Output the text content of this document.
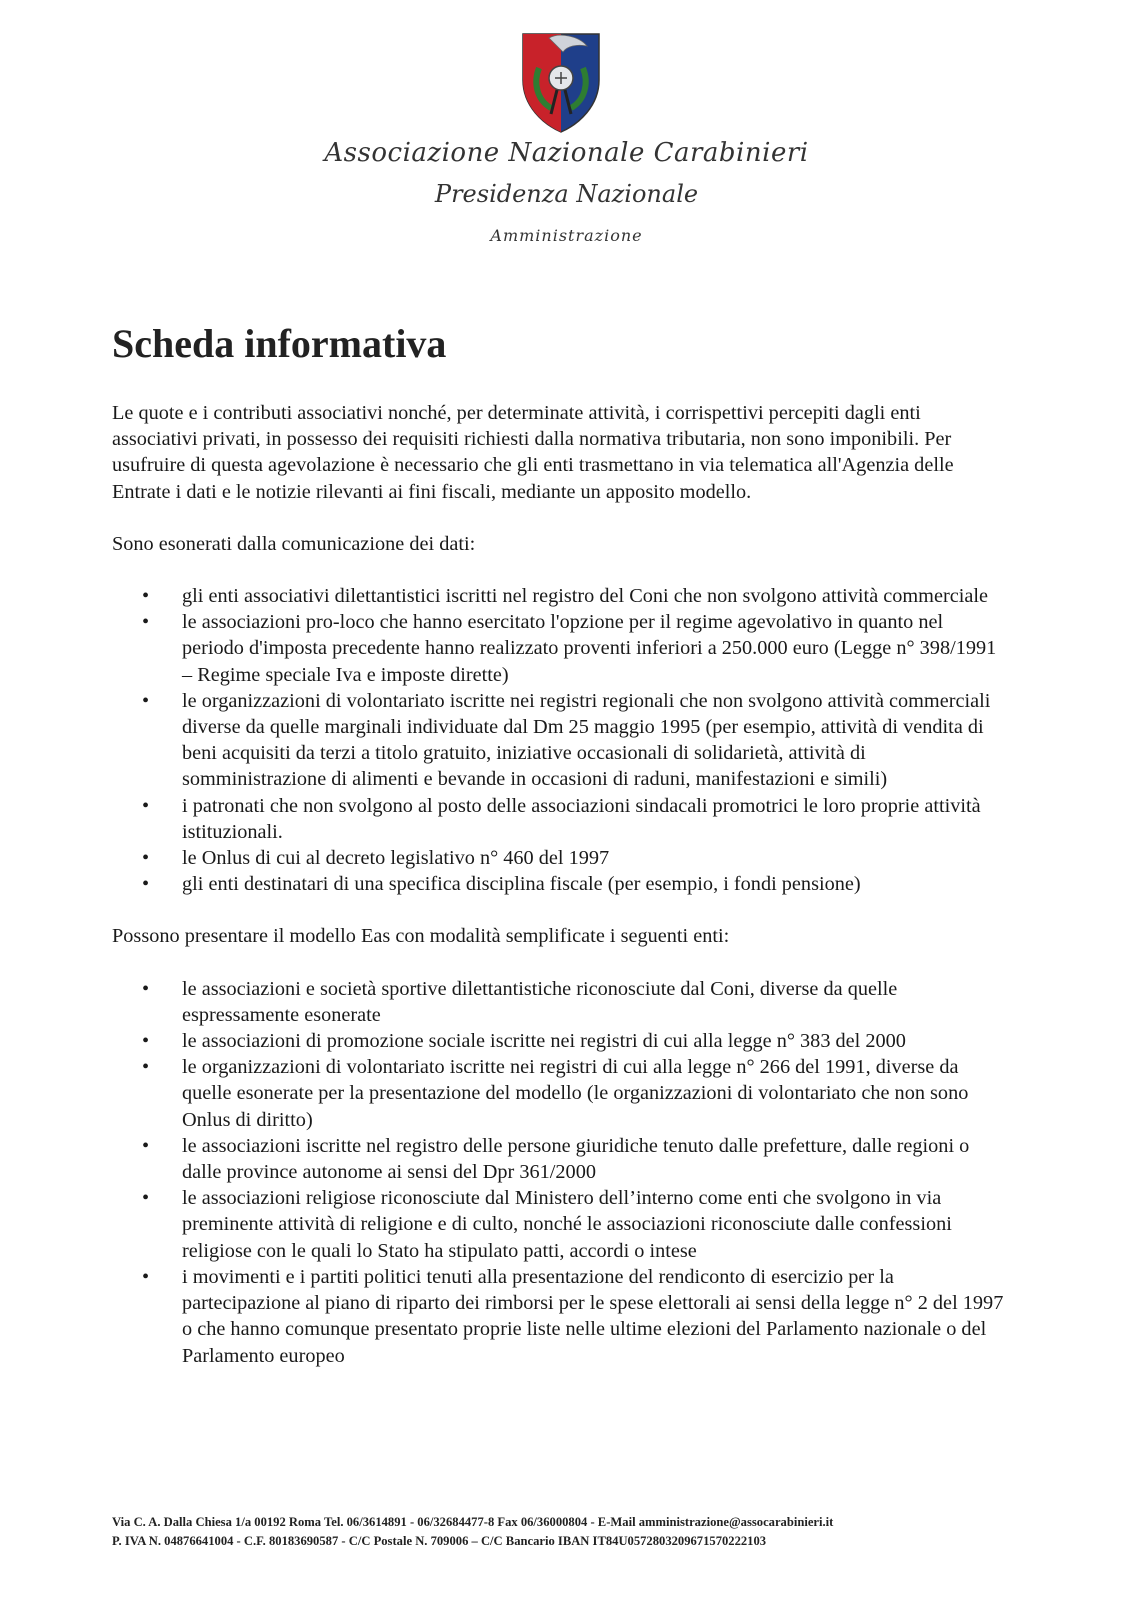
Associazione Nazionale Carabinieri
Presidenza Nazionale
Amministrazione
Scheda informativa

Le quote e i contributi associativi nonché, per determinate attività, i corrispettivi percepiti dagli enti associativi privati, in possesso dei requisiti richiesti dalla normativa tributaria, non sono imponibili. Per usufruire di questa agevolazione è necessario che gli enti trasmettano in via telematica all'Agenzia delle Entrate i dati e le notizie rilevanti ai fini fiscali, mediante un apposito modello.

Sono esonerati dalla comunicazione dei dati:

• gli enti associativi dilettantistici iscritti nel registro del Coni che non svolgono attività commerciale
• le associazioni pro-loco che hanno esercitato l'opzione per il regime agevolativo in quanto nel periodo d'imposta precedente hanno realizzato proventi inferiori a 250.000 euro (Legge n° 398/1991 – Regime speciale Iva e imposte dirette)
• le organizzazioni di volontariato iscritte nei registri regionali che non svolgono attività commerciali diverse da quelle marginali individuate dal Dm 25 maggio 1995 (per esempio, attività di vendita di beni acquisiti da terzi a titolo gratuito, iniziative occasionali di solidarietà, attività di somministrazione di alimenti e bevande in occasioni di raduni, manifestazioni e simili)
• i patronati che non svolgono al posto delle associazioni sindacali promotrici le loro proprie attività istituzionali.
• le Onlus di cui al decreto legislativo n° 460 del 1997
• gli enti destinatari di una specifica disciplina fiscale (per esempio, i fondi pensione)

Possono presentare il modello Eas con modalità semplificate i seguenti enti:

• le associazioni e società sportive dilettantistiche riconosciute dal Coni, diverse da quelle espressamente esonerate
• le associazioni di promozione sociale iscritte nei registri di cui alla legge n° 383 del 2000
• le organizzazioni di volontariato iscritte nei registri di cui alla legge n° 266 del 1991, diverse da quelle esonerate per la presentazione del modello (le organizzazioni di volontariato che non sono Onlus di diritto)
• le associazioni iscritte nel registro delle persone giuridiche tenuto dalle prefetture, dalle regioni o dalle province autonome ai sensi del Dpr 361/2000
• le associazioni religiose riconosciute dal Ministero dell’interno come enti che svolgono in via preminente attività di religione e di culto, nonché le associazioni riconosciute dalle confessioni religiose con le quali lo Stato ha stipulato patti, accordi o intese
• i movimenti e i partiti politici tenuti alla presentazione del rendiconto di esercizio per la partecipazione al piano di riparto dei rimborsi per le spese elettorali ai sensi della legge n° 2 del 1997 o che hanno comunque presentato proprie liste nelle ultime elezioni del Parlamento nazionale o del Parlamento europeo
Via C. A. Dalla Chiesa 1/a 00192 Roma Tel. 06/3614891 - 06/32684477-8 Fax 06/36000804 - E-Mail amministrazione@assocarabinieri.it
P. IVA N. 04876641004 - C.F. 80183690587 - C/C Postale N. 709006 – C/C Bancario IBAN IT84U0572803209671570222103
